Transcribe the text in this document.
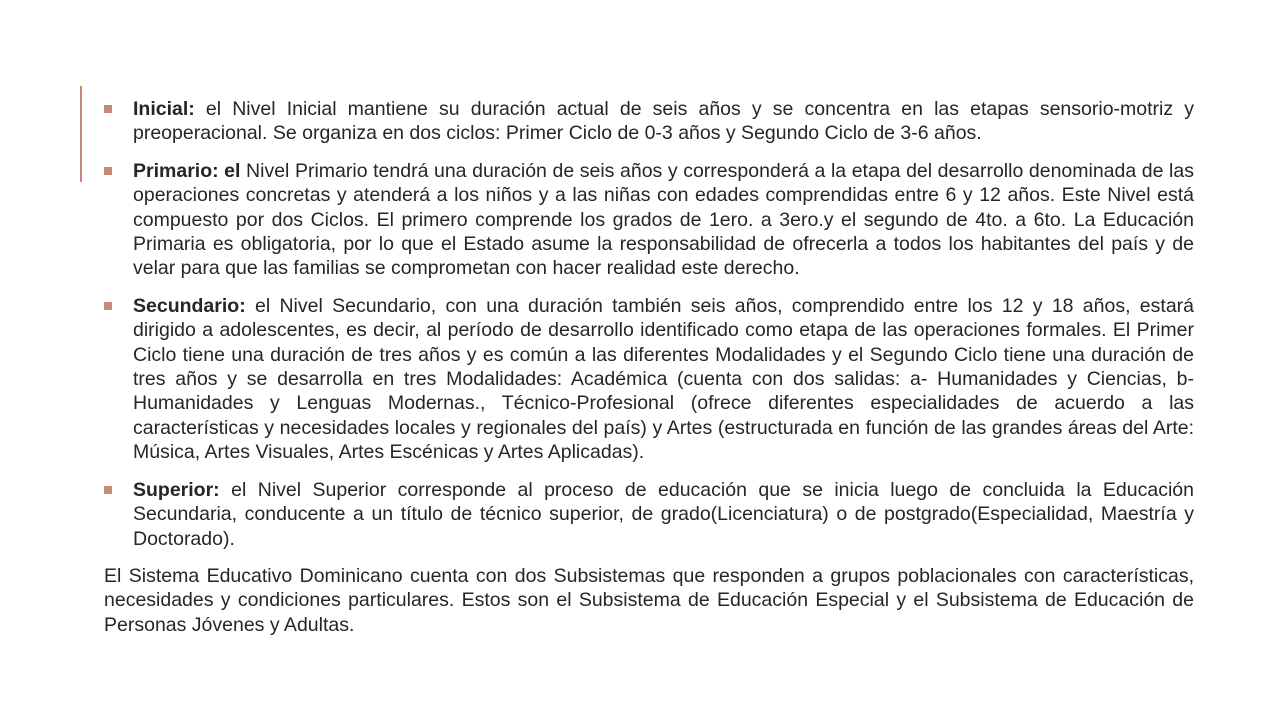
Inicial: el Nivel Inicial mantiene su duración actual de seis años y se concentra en las etapas sensorio-motriz y preoperacional. Se organiza en dos ciclos: Primer Ciclo de 0-3 años y Segundo Ciclo de 3-6 años.
Primario: el Nivel Primario tendrá una duración de seis años y corresponderá a la etapa del desarrollo denominada de las operaciones concretas y atenderá a los niños y a las niñas con edades comprendidas entre 6 y 12 años. Este Nivel está compuesto por dos Ciclos. El primero comprende los grados de 1ero. a 3ero.y el segundo de 4to. a 6to. La Educación Primaria es obligatoria, por lo que el Estado asume la responsabilidad de ofrecerla a todos los habitantes del país y de velar para que las familias se comprometan con hacer realidad este derecho.
Secundario: el Nivel Secundario, con una duración también seis años, comprendido entre los 12 y 18 años, estará dirigido a adolescentes, es decir, al período de desarrollo identificado como etapa de las operaciones formales. El Primer Ciclo tiene una duración de tres años y es común a las diferentes Modalidades y el Segundo Ciclo tiene una duración de tres años y se desarrolla en tres Modalidades: Académica (cuenta con dos salidas: a- Humanidades y Ciencias, b- Humanidades y Lenguas Modernas., Técnico-Profesional (ofrece diferentes especialidades de acuerdo a las características y necesidades locales y regionales del país) y Artes (estructurada en función de las grandes áreas del Arte: Música, Artes Visuales, Artes Escénicas y Artes Aplicadas).
Superior: el Nivel Superior corresponde al proceso de educación que se inicia luego de concluida la Educación Secundaria, conducente a un título de técnico superior, de grado(Licenciatura) o de postgrado(Especialidad, Maestría y Doctorado).

El Sistema Educativo Dominicano cuenta con dos Subsistemas que responden a grupos poblacionales con características, necesidades y condiciones particulares. Estos son el Subsistema de Educación Especial y el Subsistema de Educación de Personas Jóvenes y Adultas.
